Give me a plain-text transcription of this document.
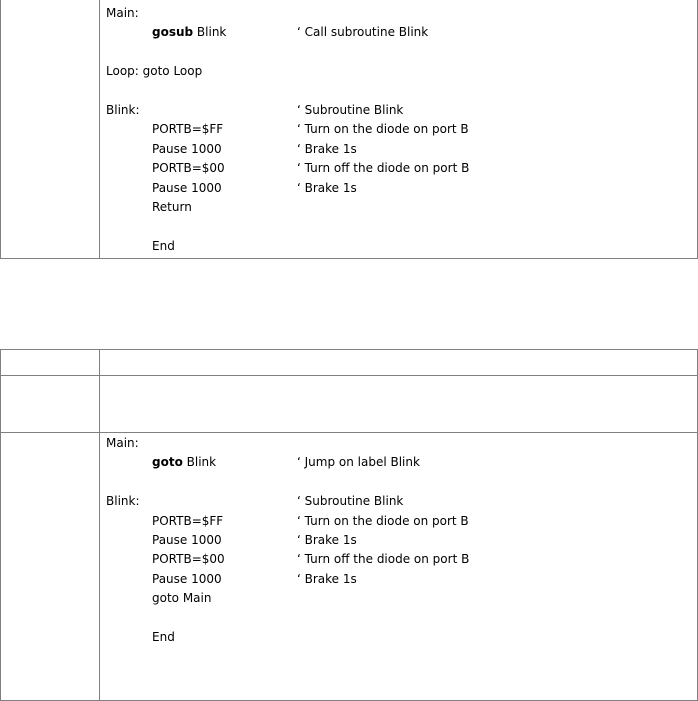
Main:
gosub Blink	‘ Call subroutine Blink
Loop: goto Loop
Blink:	‘ Subroutine Blink
PORTB=$FF	‘ Turn on the diode on port B
Pause 1000	‘ Brake 1s
PORTB=$00	‘ Turn off the diode on port B
Pause 1000	‘ Brake 1s
Return
End
Main:
goto Blink	‘ Jump on label Blink
Blink:	‘ Subroutine Blink
PORTB=$FF	‘ Turn on the diode on port B
Pause 1000	‘ Brake 1s
PORTB=$00	‘ Turn off the diode on port B
Pause 1000	‘ Brake 1s
goto Main
End
